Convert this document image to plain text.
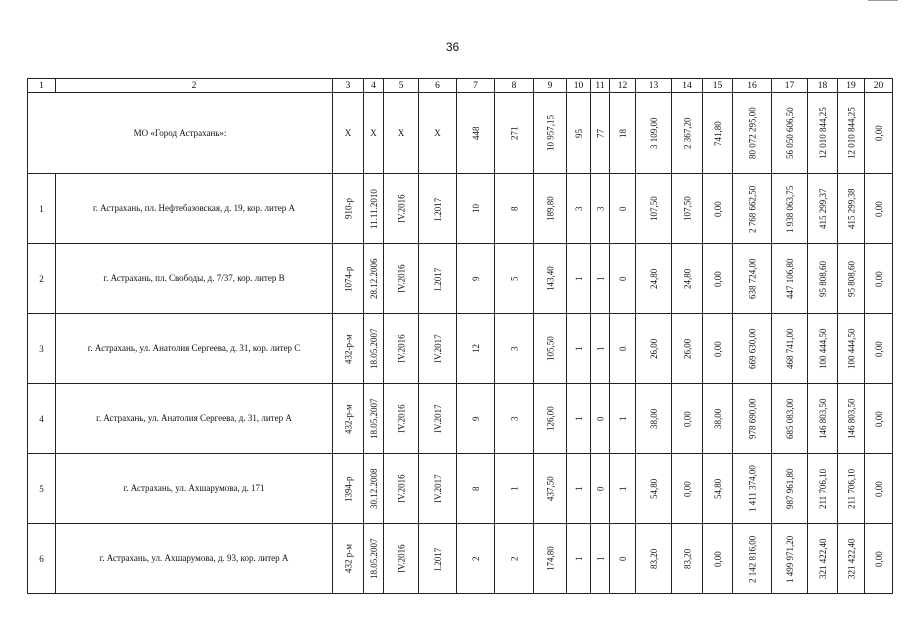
36
1	2	3	4	5	6	7	8	9	10	11	12	13	14	15	16	17	18	19	20
МО «Город Астрахань»:		Х	Х	Х	Х	448	271	10 957,15	95	77	18	3 109,00	2 367,20	741,80	80 072 295,00	56 050 606,50	12 010 844,25	12 010 844,25	0,00
1	г. Астрахань, пл. Нефтебазовская, д. 19, кор. литер А	910-р	11.11.2010	IV.2016	I.2017	10	8	189,80	3	3	0	107,50	107,50	0,00	2 768 662,50	1 938 063,75	415 299,37	415 299,38	0,00
2	г. Астрахань, пл. Свободы, д. 7/37, кор. литер В	1074-р	28.12.2006	IV.2016	I.2017	9	5	143,40	1	1	0	24,80	24,80	0,00	638 724,00	447 106,80	95 808,60	95 808,60	0,00
3	г. Астрахань, ул. Анатолия Сергеева, д. 31, кор. литер С	432-р-м	18.05.2007	IV.2016	IV.2017	12	3	105,50	1	1	0	26,00	26,00	0,00	669 630,00	468 741,00	100 444,50	100 444,50	0,00
4	г. Астрахань, ул. Анатолия Сергеева, д. 31, литер А	432-р-м	18.05.2007	IV.2016	IV.2017	9	3	126,00	1	0	1	38,00	0,00	38,00	978 690,00	685 083,00	146 803,50	146 803,50	0,00
5	г. Астрахань, ул. Ахшарумова, д. 171	1394-р	30.12.2008	IV.2016	IV.2017	8	1	437,50	1	0	1	54,80	0,00	54,80	1 411 374,00	987 961,80	211 706,10	211 706,10	0,00
6	г. Астрахань, ул. Ахшарумова, д. 93, кор. литер А	432 р-м	18.05.2007	IV.2016	I.2017	2	2	174,80	1	1	0	83,20	83,20	0,00	2 142 816,00	1 499 971,20	321 422,40	321 422,40	0,00
